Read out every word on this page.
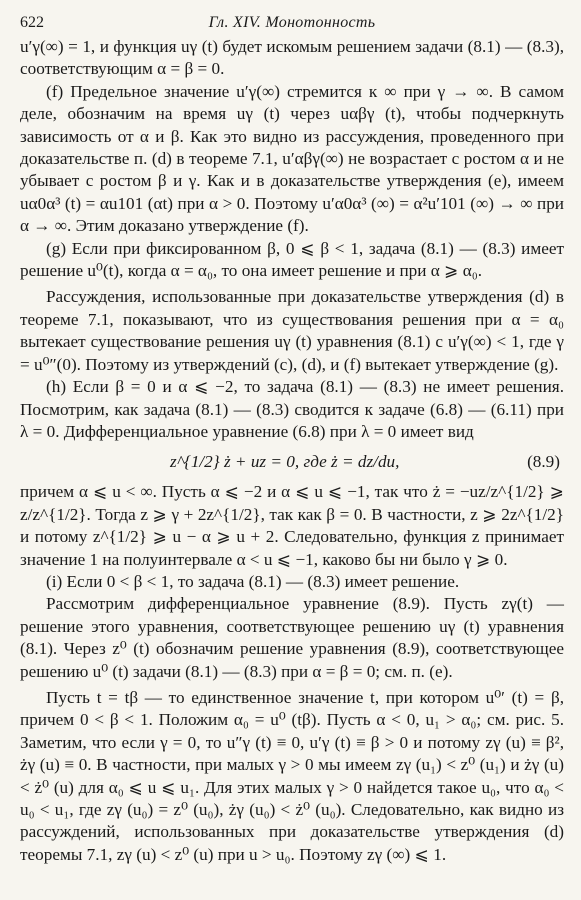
622	Гл. XIV. Монотонность

u′γ(∞) = 1, и функция uγ (t) будет искомым решением задачи (8.1) — (8.3), соответствующим α = β = 0.

(f) Предельное значение u′γ(∞) стремится к ∞ при γ → ∞. В самом деле, обозначим на время uγ (t) через uαβγ (t), чтобы подчеркнуть зависимость от α и β. Как это видно из рассуждения, проведенного при доказательстве п. (d) в теореме 7.1, u′αβγ(∞) не возрастает с ростом α и не убывает с ростом β и γ. Как и в доказательстве утверждения (е), имеем uα0α³ (t) = αu101 (αt) при α > 0. Поэтому u′α0α³ (∞) = α²u′101 (∞) → ∞ при α → ∞. Этим доказано утверждение (f).

(g) Если при фиксированном β, 0 ⩽ β < 1, задача (8.1) — (8.3) имеет решение u⁰(t), когда α = α₀, то она имеет решение и при α ⩾ α₀.

Рассуждения, использованные при доказательстве утверждения (d) в теореме 7.1, показывают, что из существования решения при α = α₀ вытекает существование решения uγ (t) уравнения (8.1) с u′γ(∞) < 1, где γ = u⁰″(0). Поэтому из утверждений (с), (d), и (f) вытекает утверждение (g).

(h) Если β = 0 и α ⩽ −2, то задача (8.1) — (8.3) не имеет решения. Посмотрим, как задача (8.1) — (8.3) сводится к задаче (6.8) — (6.11) при λ = 0. Дифференциальное уравнение (6.8) при λ = 0 имеет вид

z^{1/2} ż + uz = 0, где ż = dz/du,	(8.9)

причем α ⩽ u < ∞. Пусть α ⩽ −2 и α ⩽ u ⩽ −1, так что ż = −uz/z^{1/2} ⩾ z/z^{1/2}. Тогда z ⩾ γ + 2z^{1/2}, так как β = 0. В частности, z ⩾ 2z^{1/2} и потому z^{1/2} ⩾ u − α ⩾ u + 2. Следовательно, функция z принимает значение 1 на полуинтервале α < u ⩽ −1, каково бы ни было γ ⩾ 0.

(i) Если 0 < β < 1, то задача (8.1) — (8.3) имеет решение.

Рассмотрим дифференциальное уравнение (8.9). Пусть zγ(t) — решение этого уравнения, соответствующее решению uγ (t) уравнения (8.1). Через z⁰ (t) обозначим решение уравнения (8.9), соответствующее решению u⁰ (t) задачи (8.1) — (8.3) при α = β = 0; см. п. (е).

Пусть t = tβ — то единственное значение t, при котором u⁰′ (t) = β, причем 0 < β < 1. Положим α₀ = u⁰ (tβ). Пусть α < 0, u₁ > α₀; см. рис. 5. Заметим, что если γ = 0, то u″γ (t) ≡ 0, u′γ (t) ≡ β > 0 и потому zγ (u) ≡ β², żγ (u) ≡ 0. В частности, при малых γ > 0 мы имеем zγ (u₁) < z⁰ (u₁) и żγ (u) < ż⁰ (u) для α₀ ⩽ u ⩽ u₁. Для этих малых γ > 0 найдется такое u₀, что α₀ < u₀ < u₁, где zγ (u₀) = z⁰ (u₀), żγ (u₀) < ż⁰ (u₀). Следовательно, как видно из рассуждений, использованных при доказательстве утверждения (d) теоремы 7.1, zγ (u) < z⁰ (u) при u > u₀. Поэтому zγ (∞) ⩽ 1.
